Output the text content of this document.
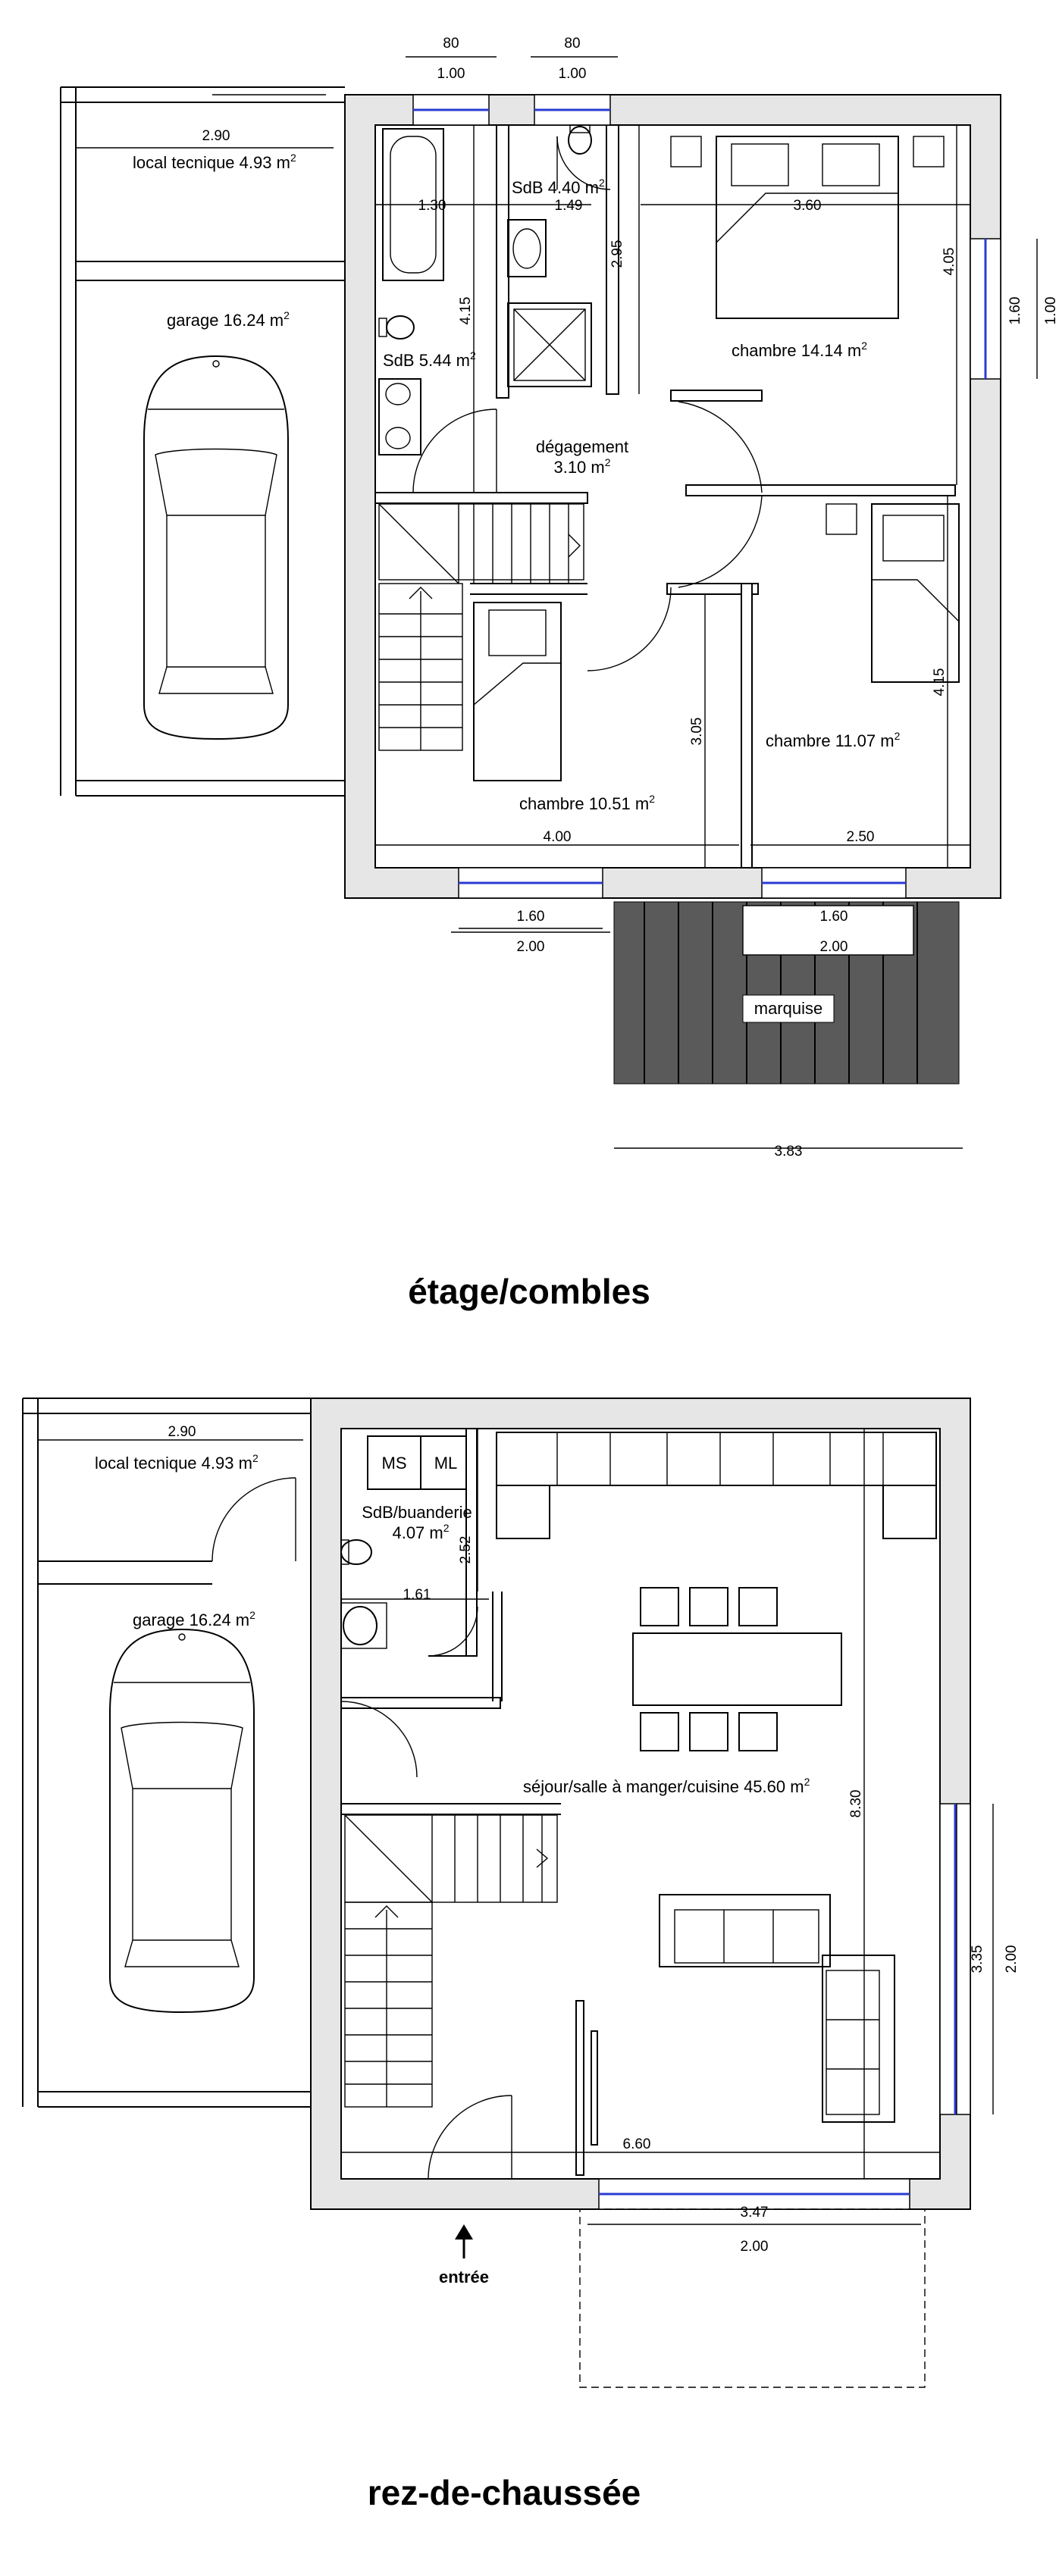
80
1.00
80
1.00
2.90
1.30	1.49	3.60
2.95
4.15
4.05
1.60 1.00
4.15
3.05
4.00	2.50
1.60
2.00
1.60
2.00
3.83
local tecnique 4.93 $m^2$
garage 16.24 $m^2$
SdB 4.40 $m^2$
SdB 5.44 $m^2$	chambre 14.14 $m^2$
dégagement
3.10 $m^2$
chambre 11.07 $m^2$
chambre 10.51 $m^2$
marquise
étage/combles
MS ML
entrée
2.90
2.52
1.61
8.30
3.35 2.00
6.60
3.47
2.00
local tecnique 4.93 $m^2$
garage 16.24 $m^2$
SdB/buanderie
4.07 $m^2$
séjour/salle à manger/cuisine 45.60 $m^2$
rez-de-chaussée
